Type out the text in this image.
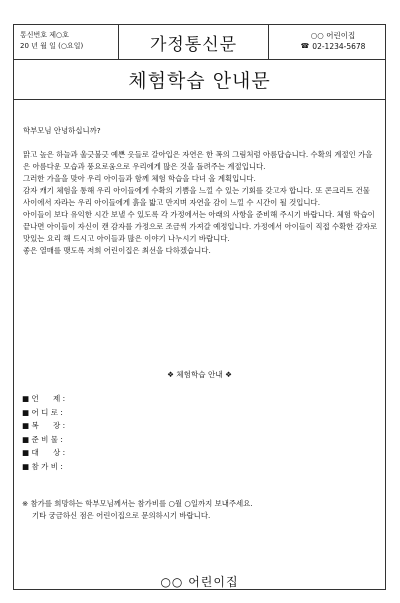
통신번호 제○호
20 년 월 일 (○요일)	가정통신문	○○ 어린이집
☎ 02-1234-5678
체험학습 안내문

학부모님 안녕하십니까?

맑고 높은 하늘과 울긋불긋 예쁜 옷들로 갈아입은 자연은 한 폭의 그림처럼 아름답습니다. 수확의 계절인 가을은 아름다운 모습과 풍요로움으로 우리에게 많은 것을 돌려주는 계절입니다.

그러한 가을을 맞아 우리 아이들과 함께 체험 학습을 다녀 올 계획입니다.

감자 캐기 체험을 통해 우리 아이들에게 수확의 기쁨을 느낄 수 있는 기회를 갖고자 합니다. 또 콘크리트 건물 사이에서 자라는 우리 아이들에게 흙을 밟고 만지며 자연을 감이 느낄 수 시간이 될 것입니다.

아이들이 보다 유익한 시간 보낼 수 있도록 각 가정에서는 아래의 사항을 준비해 주시기 바랍니다. 체험 학습이 끝나면 아이들이 자신이 캔 감자를 가정으로 조금씩 가져갈 예정입니다. 가정에서 아이들이 직접 수확한 감자로 맛있는 요리 해 드시고 아이들과 많은 이야기 나누시기 바랍니다.

좋은 열매를 맺도록 저희 어린이집은 최선을 다하겠습니다.

❖ 체험학습 안내 ❖
■
언      제 :
■
어 디 로 :
■
복      장 :
■
준 비 물 :
■
대      상 :
■
참 가 비 :
※ 참가를 희망하는 학부모님께서는 참가비를 ○월 ○일까지 보내주세요.
기타 궁금하신 점은 어린이집으로 문의하시기 바랍니다.
○○ 어린이집
